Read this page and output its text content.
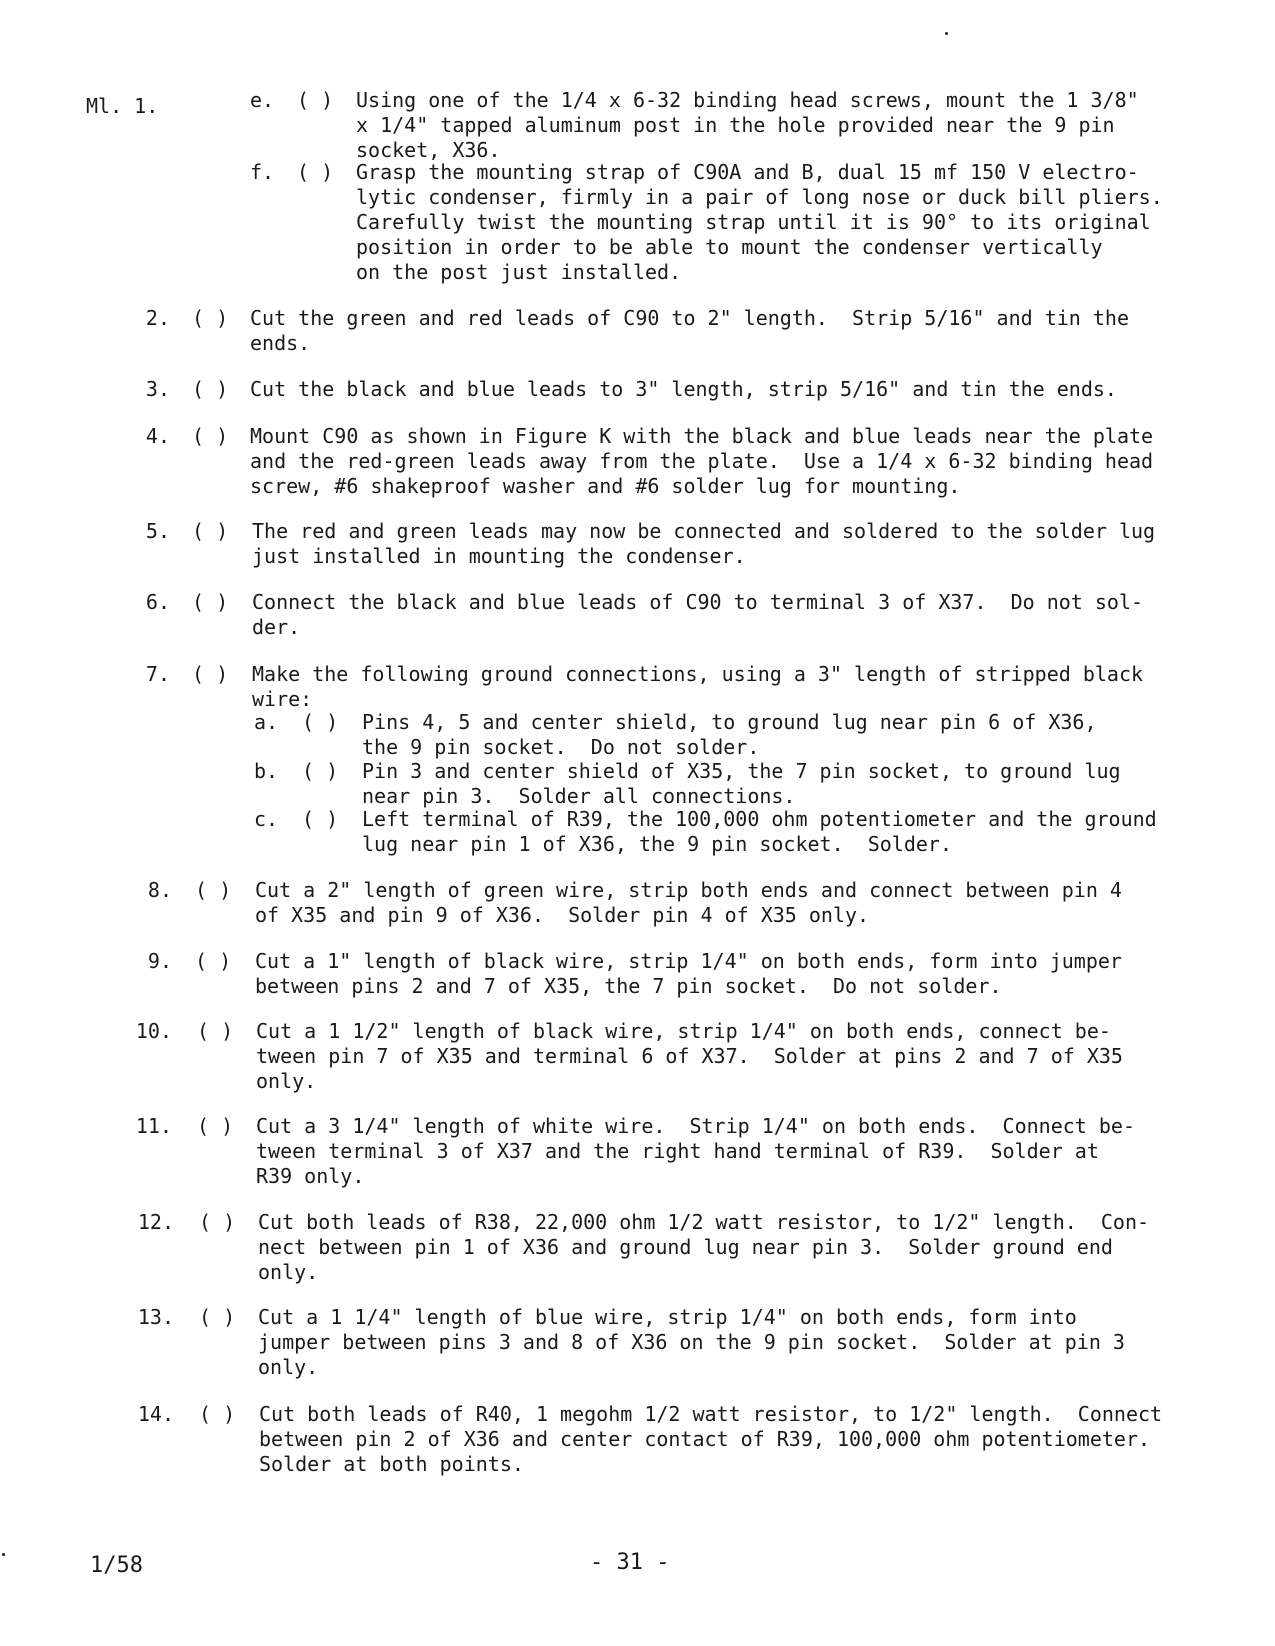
Ml. 1.	e. ( ) Using one of the 1/4 x 6-32 binding head screws, mount the 1 3/8"
x 1/4" tapped aluminum post in the hole provided near the 9 pin
socket, X36.
f. ( ) Grasp the mounting strap of C90A and B, dual 15 mf 150 V electro-
lytic condenser, firmly in a pair of long nose or duck bill pliers.
Carefully twist the mounting strap until it is 90° to its original
position in order to be able to mount the condenser vertically
on the post just installed.
2. ( ) Cut the green and red leads of C90 to 2" length.  Strip 5/16" and tin the
ends.
3. ( ) Cut the black and blue leads to 3" length, strip 5/16" and tin the ends.
4. ( ) Mount C90 as shown in Figure K with the black and blue leads near the plate
and the red-green leads away from the plate.  Use a 1/4 x 6-32 binding head
screw, #6 shakeproof washer and #6 solder lug for mounting.
5. ( ) The red and green leads may now be connected and soldered to the solder lug
just installed in mounting the condenser.
6. ( ) Connect the black and blue leads of C90 to terminal 3 of X37.  Do not sol-
der.
7. ( ) Make the following ground connections, using a 3" length of stripped black
wire:
a. ( ) Pins 4, 5 and center shield, to ground lug near pin 6 of X36,
the 9 pin socket.  Do not solder.
b. ( ) Pin 3 and center shield of X35, the 7 pin socket, to ground lug
near pin 3.  Solder all connections.
c. ( ) Left terminal of R39, the 100,000 ohm potentiometer and the ground
lug near pin 1 of X36, the 9 pin socket.  Solder.
8. ( ) Cut a 2" length of green wire, strip both ends and connect between pin 4
of X35 and pin 9 of X36.  Solder pin 4 of X35 only.
9. ( ) Cut a 1" length of black wire, strip 1/4" on both ends, form into jumper
between pins 2 and 7 of X35, the 7 pin socket.  Do not solder.
10. ( ) Cut a 1 1/2" length of black wire, strip 1/4" on both ends, connect be-
tween pin 7 of X35 and terminal 6 of X37.  Solder at pins 2 and 7 of X35
only.
11. ( ) Cut a 3 1/4" length of white wire.  Strip 1/4" on both ends.  Connect be-
tween terminal 3 of X37 and the right hand terminal of R39.  Solder at
R39 only.
12. ( ) Cut both leads of R38, 22,000 ohm 1/2 watt resistor, to 1/2" length.  Con-
nect between pin 1 of X36 and ground lug near pin 3.  Solder ground end
only.
13. ( ) Cut a 1 1/4" length of blue wire, strip 1/4" on both ends, form into
jumper between pins 3 and 8 of X36 on the 9 pin socket.  Solder at pin 3
only.
14. ( ) Cut both leads of R40, 1 megohm 1/2 watt resistor, to 1/2" length.  Connect
between pin 2 of X36 and center contact of R39, 100,000 ohm potentiometer.
Solder at both points.
1/58	- 31 -
